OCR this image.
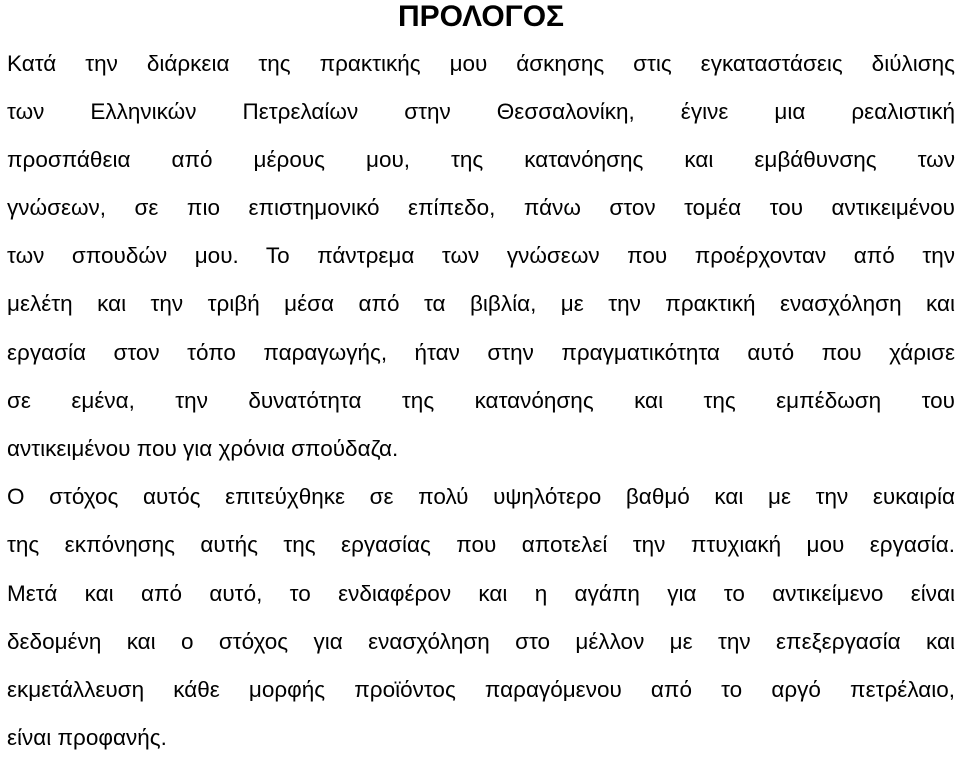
ΠΡΟΛΟΓΟΣ
Κατά την διάρκεια της πρακτικής μου άσκησης στις εγκαταστάσεις διύλισης
των Ελληνικών Πετρελαίων στην Θεσσαλονίκη, έγινε μια ρεαλιστική
προσπάθεια από μέρους μου, της κατανόησης και εμβάθυνσης των
γνώσεων, σε πιο επιστημονικό επίπεδο, πάνω στον τομέα του αντικειμένου
των σπουδών μου. Το πάντρεμα των γνώσεων που προέρχονταν από την
μελέτη και την τριβή μέσα από τα βιβλία, με την πρακτική ενασχόληση και
εργασία στον τόπο παραγωγής, ήταν στην πραγματικότητα αυτό που χάρισε
σε εμένα, την δυνατότητα της κατανόησης και της εμπέδωση του
αντικειμένου που για χρόνια σπούδαζα.
Ο στόχος αυτός επιτεύχθηκε σε πολύ υψηλότερο βαθμό και με την ευκαιρία
της εκπόνησης αυτής της εργασίας που αποτελεί την πτυχιακή μου εργασία.
Μετά και από αυτό, το ενδιαφέρον και η αγάπη για το αντικείμενο είναι
δεδομένη και ο στόχος για ενασχόληση στο μέλλον με την επεξεργασία και
εκμετάλλευση κάθε μορφής προϊόντος παραγόμενου από το αργό πετρέλαιο,
είναι προφανής.
